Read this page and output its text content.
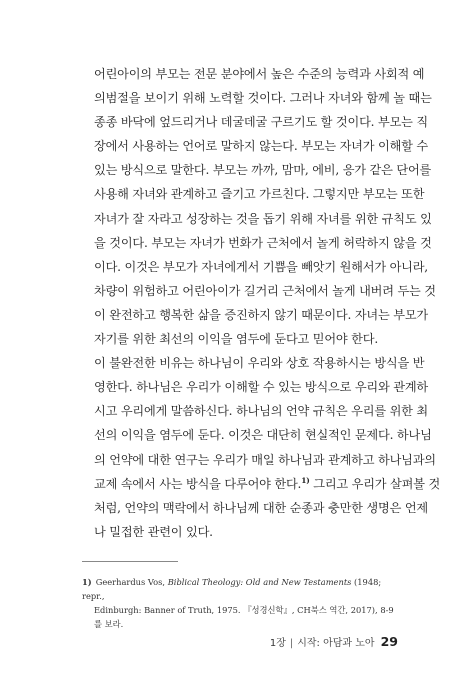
어린아이의 부모는 전문 분야에서 높은 수준의 능력과 사회적 예
의범절을 보이기 위해 노력할 것이다. 그러나 자녀와 함께 놀 때는
종종 바닥에 엎드리거나 데굴데굴 구르기도 할 것이다. 부모는 직
장에서 사용하는 언어로 말하지 않는다. 부모는 자녀가 이해할 수
있는 방식으로 말한다. 부모는 까까, 맘마, 에비, 응가 같은 단어를
사용해 자녀와 관계하고 즐기고 가르친다. 그렇지만 부모는 또한
자녀가 잘 자라고 성장하는 것을 돕기 위해 자녀를 위한 규칙도 있
을 것이다. 부모는 자녀가 번화가 근처에서 놀게 허락하지 않을 것
이다. 이것은 부모가 자녀에게서 기쁨을 빼앗기 원해서가 아니라,
차량이 위험하고 어린아이가 길거리 근처에서 놀게 내버려 두는 것
이 완전하고 행복한 삶을 증진하지 않기 때문이다. 자녀는 부모가
자기를 위한 최선의 이익을 염두에 둔다고 믿어야 한다.

이 불완전한 비유는 하나님이 우리와 상호 작용하시는 방식을 반
영한다. 하나님은 우리가 이해할 수 있는 방식으로 우리와 관계하
시고 우리에게 말씀하신다. 하나님의 언약 규칙은 우리를 위한 최
선의 이익을 염두에 둔다. 이것은 대단히 현실적인 문제다. 하나님
의 언약에 대한 연구는 우리가 매일 하나님과 관계하고 하나님과의
교제 속에서 사는 방식을 다루어야 한다.$^{1)}$ 그리고 우리가 살펴볼 것
처럼, 언약의 맥락에서 하나님께 대한 순종과 충만한 생명은 언제
나 밀접한 관련이 있다.

1) Geerhardus Vos, Biblical Theology: Old and New Testaments (1948; repr.,
Edinburgh: Banner of Truth, 1975. 『성경신학』, CH북스 역간, 2017), 8-9를 보라.
1장 | 시작: 아담과 노아 29
